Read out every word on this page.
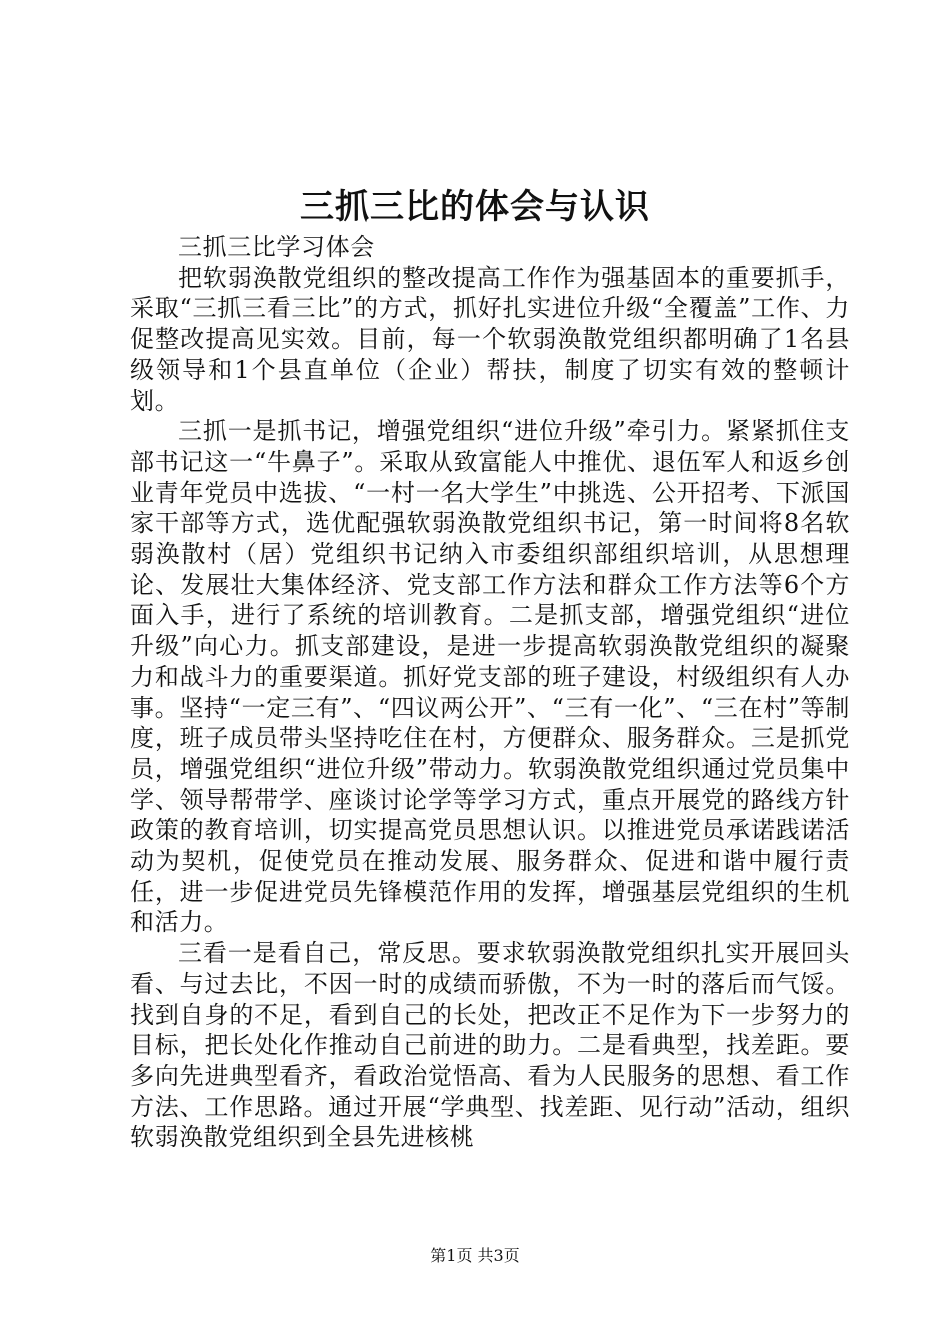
三抓三比的体会与认识

三抓三比学习体会

把软弱涣散党组织的整改提高工作作为强基固本的重要抓手，采取“三抓三看三比”的方式，抓好扎实进位升级“全覆盖”工作、力促整改提高见实效。目前，每一个软弱涣散党组织都明确了1名县级领导和1个县直单位（企业）帮扶，制度了切实有效的整顿计划。

三抓一是抓书记，增强党组织“进位升级”牵引力。紧紧抓住支部书记这一“牛鼻子”。采取从致富能人中推优、退伍军人和返乡创业青年党员中选拔、“一村一名大学生”中挑选、公开招考、下派国家干部等方式，选优配强软弱涣散党组织书记，第一时间将8名软弱涣散村（居）党组织书记纳入市委组织部组织培训，从思想理论、发展壮大集体经济、党支部工作方法和群众工作方法等6个方面入手，进行了系统的培训教育。二是抓支部，增强党组织“进位升级”向心力。抓支部建设，是进一步提高软弱涣散党组织的凝聚力和战斗力的重要渠道。抓好党支部的班子建设，村级组织有人办事。坚持“一定三有”、“四议两公开”、“三有一化”、“三在村”等制度，班子成员带头坚持吃住在村，方便群众、服务群众。三是抓党员，增强党组织“进位升级”带动力。软弱涣散党组织通过党员集中学、领导帮带学、座谈讨论学等学习方式，重点开展党的路线方针政策的教育培训，切实提高党员思想认识。以推进党员承诺践诺活动为契机，促使党员在推动发展、服务群众、促进和谐中履行责任，进一步促进党员先锋模范作用的发挥，增强基层党组织的生机和活力。

三看一是看自己，常反思。要求软弱涣散党组织扎实开展回头看、与过去比，不因一时的成绩而骄傲，不为一时的落后而气馁。找到自身的不足，看到自己的长处，把改正不足作为下一步努力的目标，把长处化作推动自己前进的助力。二是看典型，找差距。要多向先进典型看齐，看政治觉悟高、看为人民服务的思想、看工作方法、工作思路。通过开展“学典型、找差距、见行动”活动，组织软弱涣散党组织到全县先进核桃

第1页 共3页
